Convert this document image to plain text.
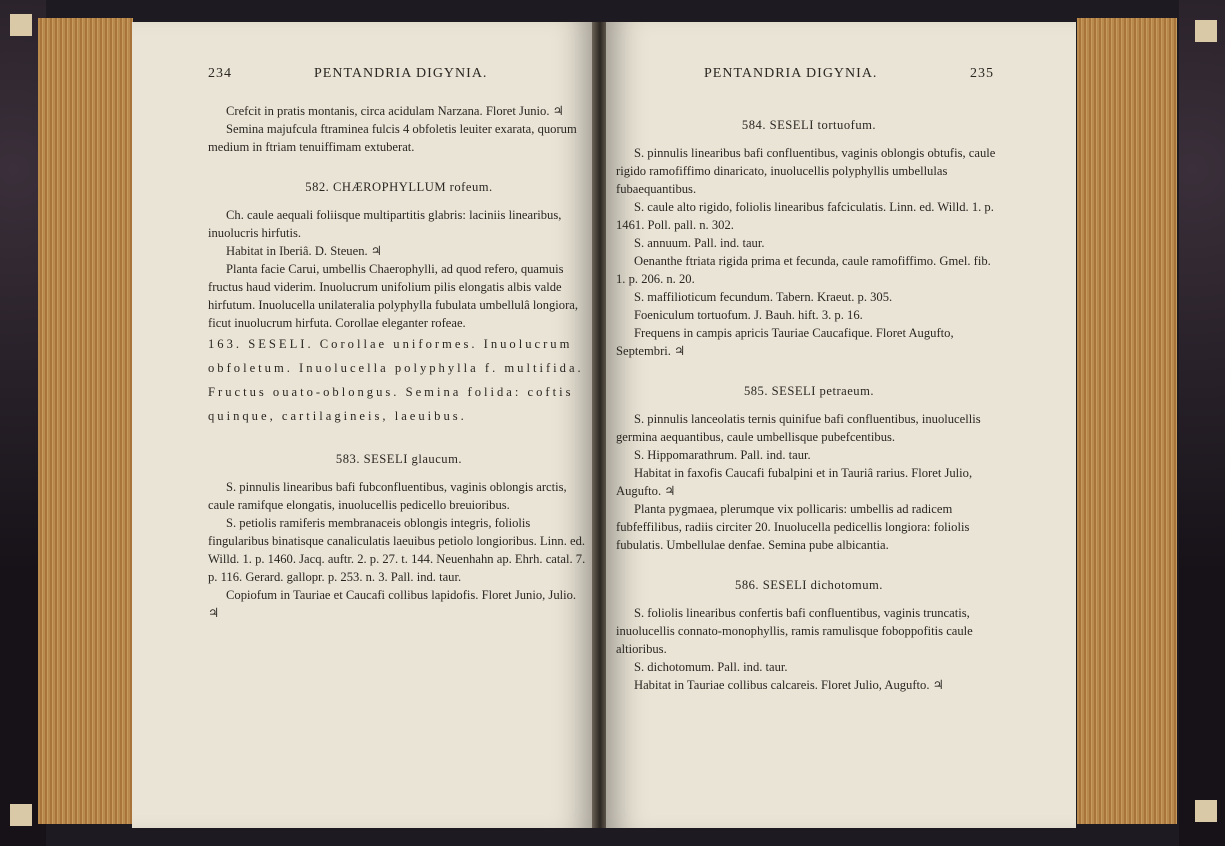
234	PENTANDRIA DIGYNIA.

Crefcit in pratis montanis, circa acidulam Narzana. Floret Junio. ♃

Semina majufcula ftraminea fulcis 4 obfoletis leuiter exarata, quorum medium in ftriam tenuiffimam extuberat.

582. CHÆROPHYLLUM rofeum.

Ch. caule aequali foliisque multipartitis glabris: laciniis linearibus, inuolucris hirfutis.

Habitat in Iberiâ. D. Steuen. ♃

Planta facie Carui, umbellis Chaerophylli, ad quod refero, quamuis fructus haud viderim. Inuolucrum unifolium pilis elongatis albis valde hirfutum. Inuolucella unilateralia polyphylla fubulata umbellulâ longiora, ficut inuolucrum hirfuta. Corollae eleganter rofeae.

163. SESELI. Corollae uniformes. Inuolucrum obfoletum. Inuolucella polyphylla f. multifida. Fructus ouato-oblongus. Semina folida: coftis quinque, cartilagineis, laeuibus.

583. SESELI glaucum.

S. pinnulis linearibus bafi fubconfluentibus, vaginis oblongis arctis, caule ramifque elongatis, inuolucellis pedicello breuioribus.

S. petiolis ramiferis membranaceis oblongis integris, foliolis fingularibus binatisque canaliculatis laeuibus petiolo longioribus. Linn. ed. Willd. 1. p. 1460. Jacq. auftr. 2. p. 27. t. 144. Neuenhahn ap. Ehrh. catal. 7. p. 116. Gerard. gallopr. p. 253. n. 3. Pall. ind. taur.

Copiofum in Tauriae et Caucafi collibus lapidofis. Floret Junio, Julio. ♃

PENTANDRIA DIGYNIA.	235

584. SESELI tortuofum.

S. pinnulis linearibus bafi confluentibus, vaginis oblongis obtufis, caule rigido ramofiffimo dinaricato, inuolucellis polyphyllis umbellulas fubaequantibus.

S. caule alto rigido, foliolis linearibus fafciculatis. Linn. ed. Willd. 1. p. 1461. Poll. pall. n. 302.

S. annuum. Pall. ind. taur.

Oenanthe ftriata rigida prima et fecunda, caule ramofiffimo. Gmel. fib. 1. p. 206. n. 20.

S. maffilioticum fecundum. Tabern. Kraeut. p. 305.

Foeniculum tortuofum. J. Bauh. hift. 3. p. 16.

Frequens in campis apricis Tauriae Caucafique. Floret Augufto, Septembri. ♃

585. SESELI petraeum.

S. pinnulis lanceolatis ternis quinifue bafi confluentibus, inuolucellis germina aequantibus, caule umbellisque pubefcentibus.

S. Hippomarathrum. Pall. ind. taur.

Habitat in faxofis Caucafi fubalpini et in Tauriâ rarius. Floret Julio, Augufto. ♃

Planta pygmaea, plerumque vix pollicaris: umbellis ad radicem fubfeffilibus, radiis circiter 20. Inuolucella pedicellis longiora: foliolis fubulatis. Umbellulae denfae. Semina pube albicantia.

586. SESELI dichotomum.

S. foliolis linearibus confertis bafi confluentibus, vaginis truncatis, inuolucellis connato-monophyllis, ramis ramulisque foboppofitis caule altioribus.

S. dichotomum. Pall. ind. taur.

Habitat in Tauriae collibus calcareis. Floret Julio, Augufto. ♃
